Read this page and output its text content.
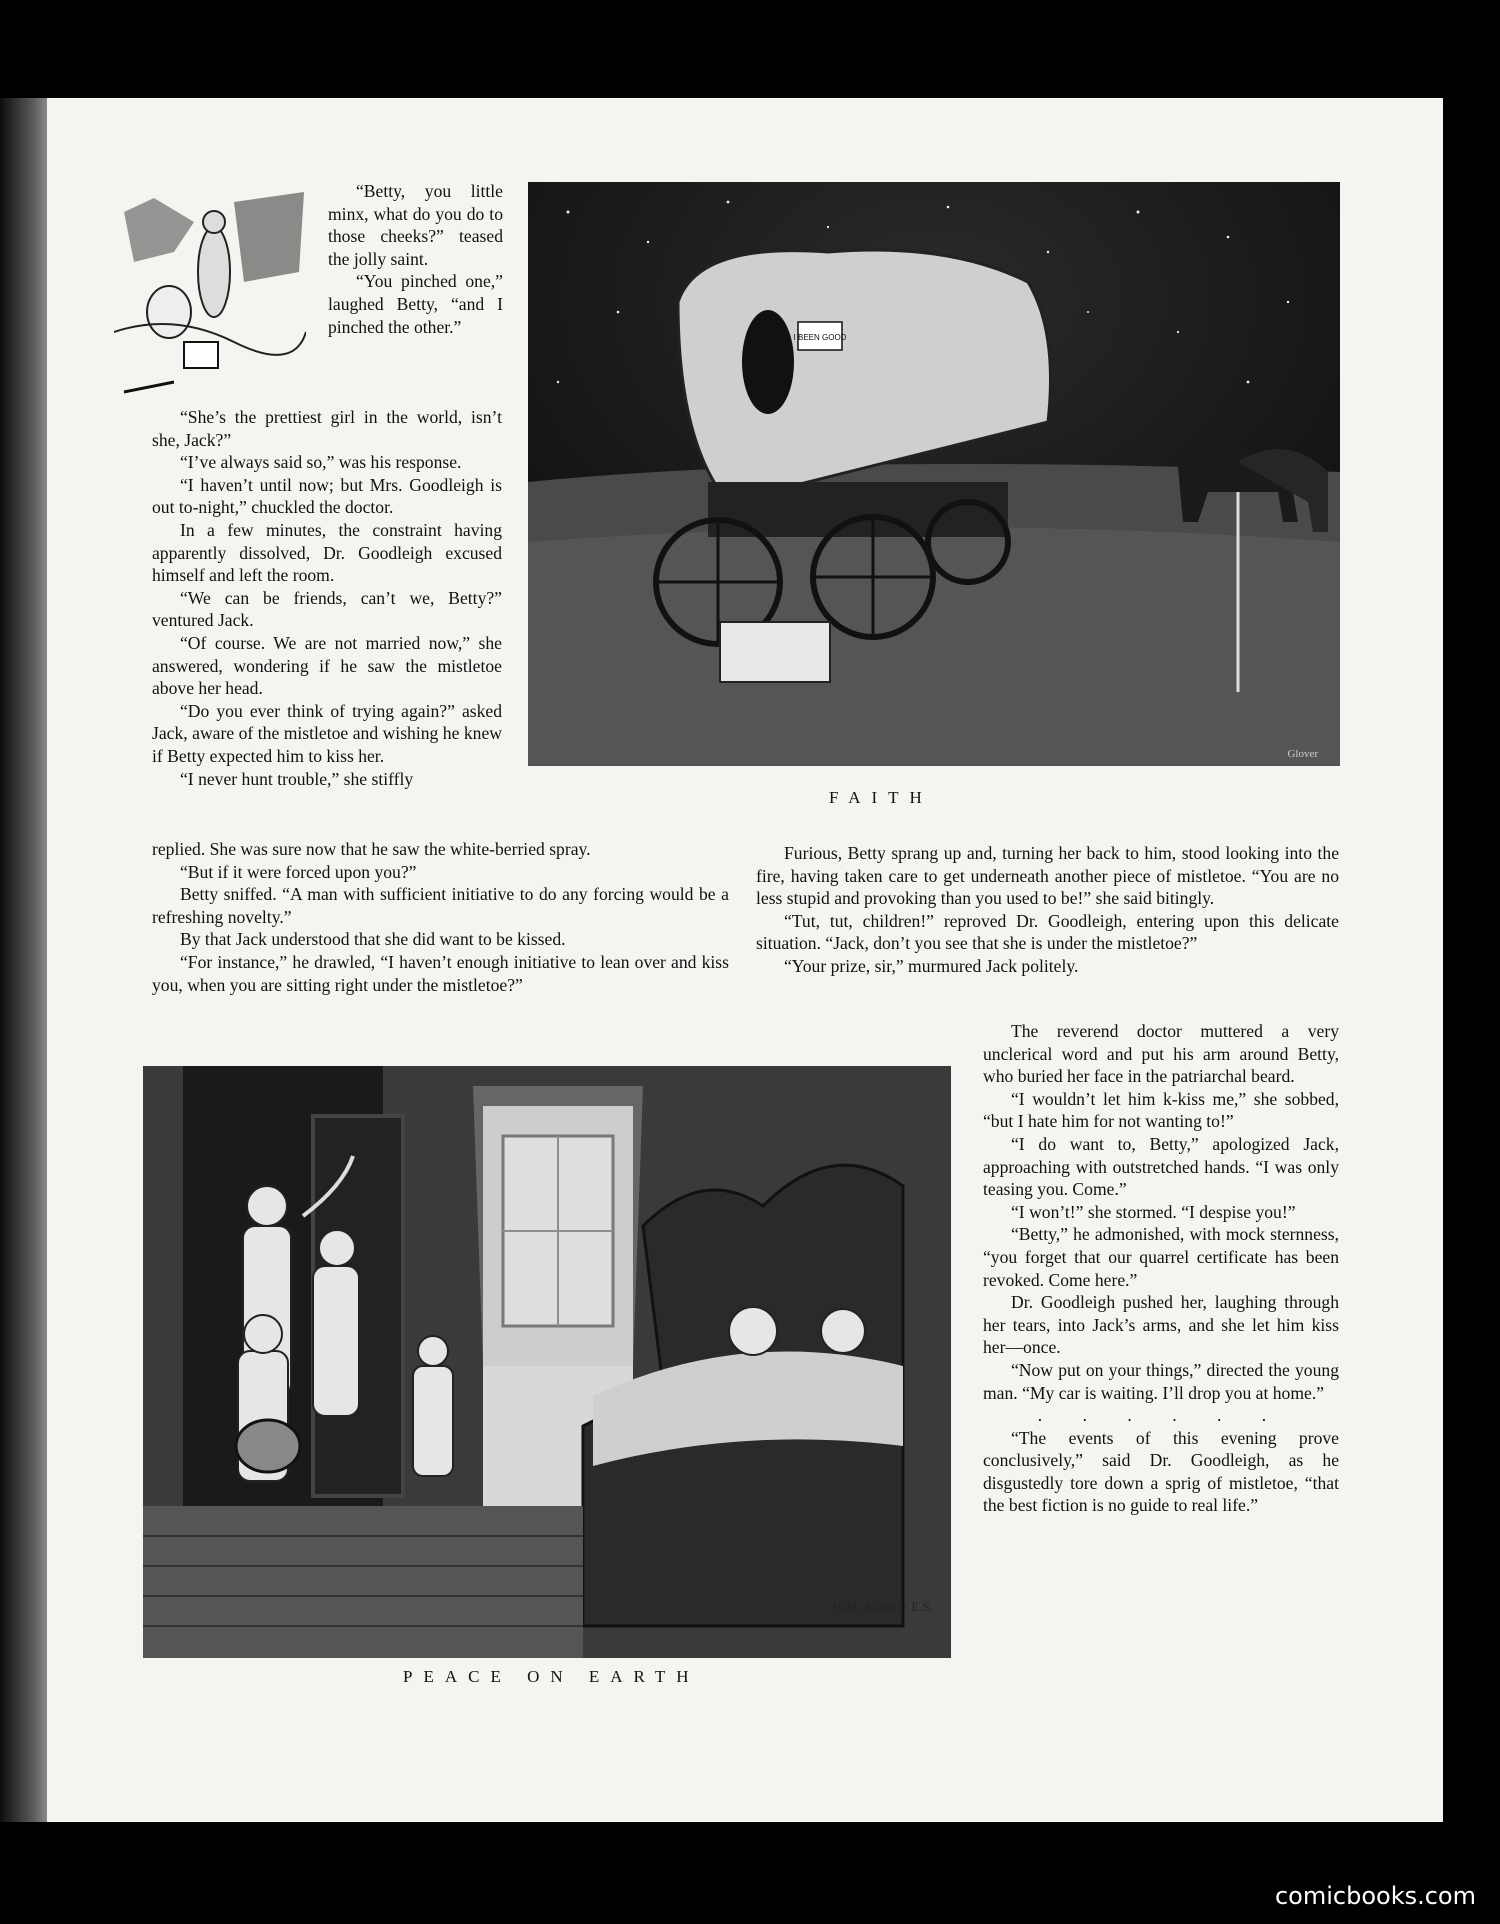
I BEEN GOOD
Glover
FAITH
W.H. Allison · E.S.
PEACE ON EARTH

“Betty, you little minx, what do you do to those cheeks?” teased the jolly saint.

“You pinched one,” laughed Betty, “and I pinched the other.”

“She’s the prettiest girl in the world, isn’t she, Jack?”

“I’ve always said so,” was his response.

“I haven’t until now; but Mrs. Goodleigh is out to-night,” chuckled the doctor.

In a few minutes, the constraint having apparently dissolved, Dr. Goodleigh excused himself and left the room.

“We can be friends, can’t we, Betty?” ventured Jack.

“Of course. We are not married now,” she answered, wondering if he saw the mistletoe above her head.

“Do you ever think of trying again?” asked Jack, aware of the mistletoe and wishing he knew if Betty expected him to kiss her.

“I never hunt trouble,” she stiffly

replied. She was sure now that he saw the white-berried spray.

“But if it were forced upon you?”

Betty sniffed. “A man with sufficient initiative to do any forcing would be a refreshing novelty.”

By that Jack understood that she did want to be kissed.

“For instance,” he drawled, “I haven’t enough initiative to lean over and kiss you, when you are sitting right under the mistletoe?”

Furious, Betty sprang up and, turning her back to him, stood looking into the fire, having taken care to get underneath another piece of mistletoe. “You are no less stupid and provoking than you used to be!” she said bitingly.

“Tut, tut, children!” reproved Dr. Goodleigh, entering upon this delicate situation. “Jack, don’t you see that she is under the mistletoe?”

“Your prize, sir,” murmured Jack politely.

The reverend doctor muttered a very unclerical word and put his arm around Betty, who buried her face in the patriarchal beard.

“I wouldn’t let him k-kiss me,” she sobbed, “but I hate him for not wanting to!”

“I do want to, Betty,” apologized Jack, approaching with outstretched hands. “I was only teasing you. Come.”

“I won’t!” she stormed. “I despise you!”

“Betty,” he admonished, with mock sternness, “you forget that our quarrel certificate has been revoked. Come here.”

Dr. Goodleigh pushed her, laughing through her tears, into Jack’s arms, and she let him kiss her—once.

“Now put on your things,” directed the young man. “My car is waiting. I’ll drop you at home.”

. . . . . .

“The events of this evening prove conclusively,” said Dr. Goodleigh, as he disgustedly tore down a sprig of mistletoe, “that the best fiction is no guide to real life.”

comicbooks.com
